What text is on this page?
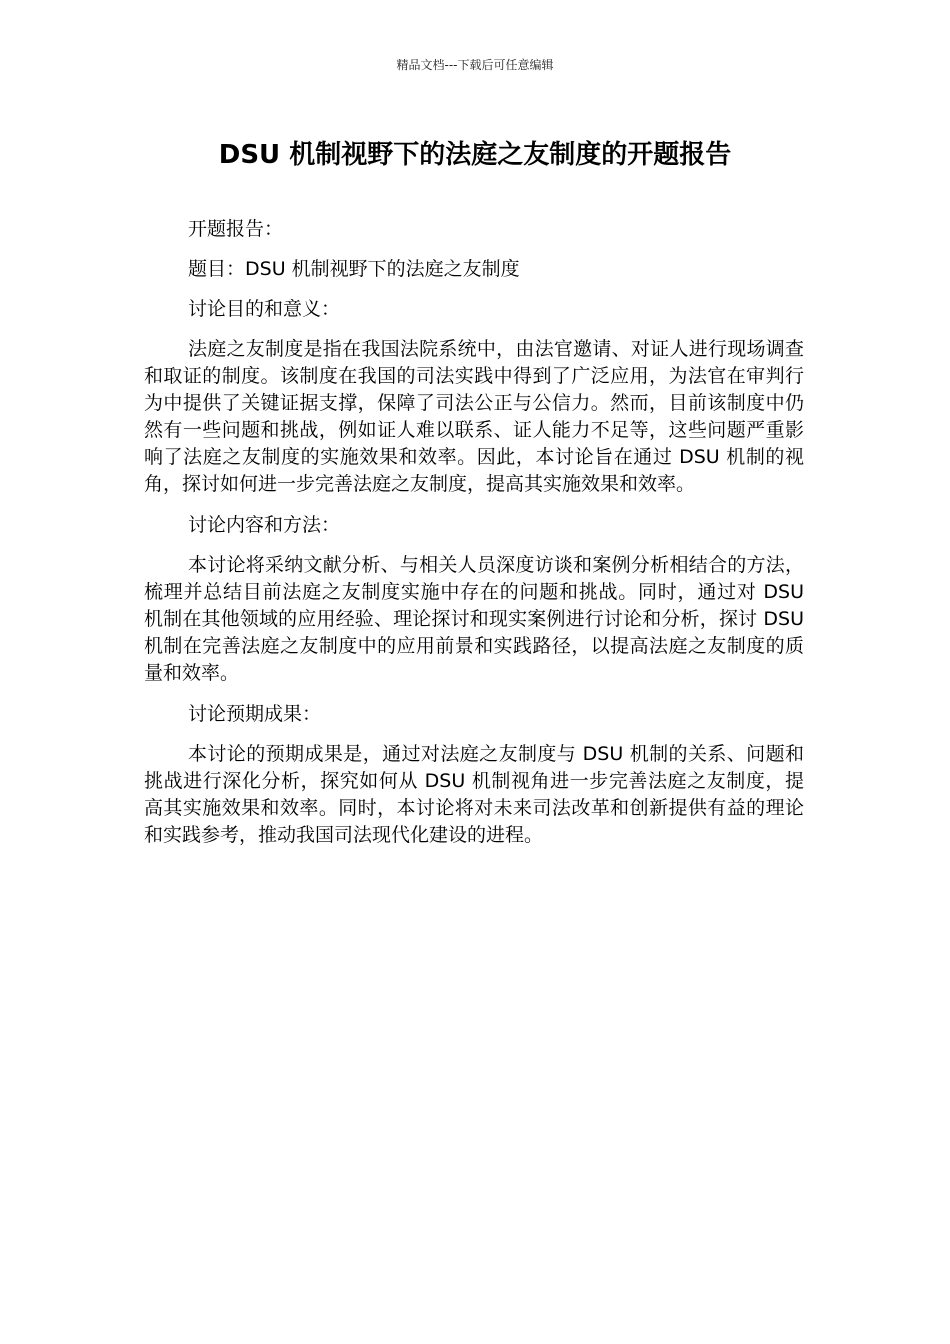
精品文档---下载后可任意编辑
DSU 机制视野下的法庭之友制度的开题报告

开题报告：

题目：DSU 机制视野下的法庭之友制度

讨论目的和意义：

法庭之友制度是指在我国法院系统中，由法官邀请、对证人进行现场调查和取证的制度。该制度在我国的司法实践中得到了广泛应用，为法官在审判行为中提供了关键证据支撑，保障了司法公正与公信力。然而，目前该制度中仍然有一些问题和挑战，例如证人难以联系、证人能力不足等，这些问题严重影响了法庭之友制度的实施效果和效率。因此，本讨论旨在通过 DSU 机制的视角，探讨如何进一步完善法庭之友制度，提高其实施效果和效率。

讨论内容和方法：

本讨论将采纳文献分析、与相关人员深度访谈和案例分析相结合的方法，梳理并总结目前法庭之友制度实施中存在的问题和挑战。同时，通过对 DSU 机制在其他领域的应用经验、理论探讨和现实案例进行讨论和分析，探讨 DSU 机制在完善法庭之友制度中的应用前景和实践路径，以提高法庭之友制度的质量和效率。

讨论预期成果：

本讨论的预期成果是，通过对法庭之友制度与 DSU 机制的关系、问题和挑战进行深化分析，探究如何从 DSU 机制视角进一步完善法庭之友制度，提高其实施效果和效率。同时，本讨论将对未来司法改革和创新提供有益的理论和实践参考，推动我国司法现代化建设的进程。
